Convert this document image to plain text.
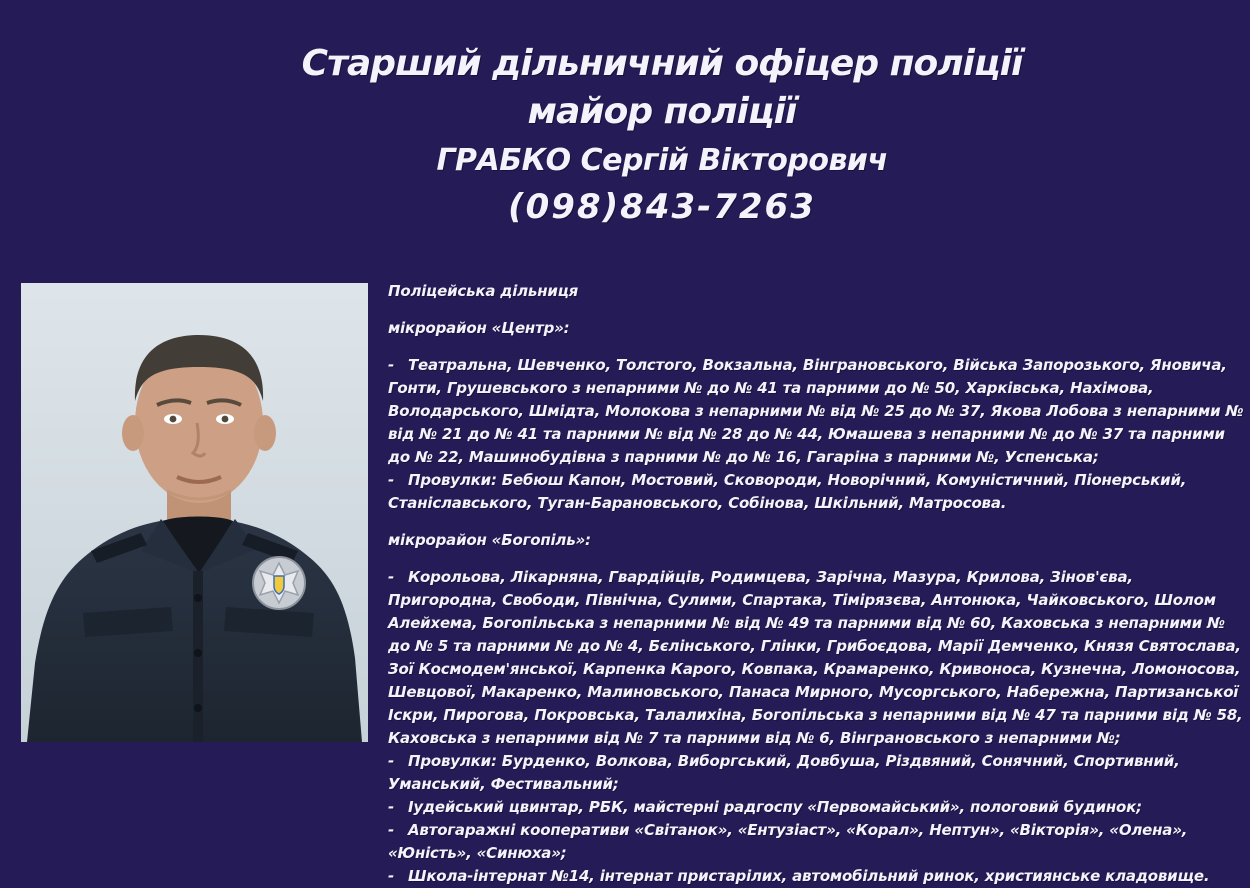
Старший дільничний офіцер поліції
майор поліції
ГРАБКО Сергій Вікторович
(098)843-7263

Поліцейська дільниця

мікрорайон «Центр»:

- Театральна, Шевченко, Толстого, Вокзальна, Вінграновського, Війська Запорозького, Яновича, Гонти, Грушевського з непарними № до № 41 та парними до № 50, Харківська, Нахімова, Володарського, Шмідта, Молокова з непарними № від № 25 до № 37, Якова Лобова з непарними № від № 21 до № 41 та парними № від № 28 до № 44, Юмашева з непарними № до № 37 та парними до № 22, Машинобудівна з парними № до № 16, Гагаріна з парними №, Успенська;

- Провулки: Бебюш Капон, Мостовий, Сковороди, Новорічний, Комуністичний, Піонерський, Станіславського, Туган-Барановського, Собінова, Шкільний, Матросова.

мікрорайон «Богопіль»:

- Корольова, Лікарняна, Гвардійців, Родимцева, Зарічна, Мазура, Крилова, Зінов'єва, Пригородна, Свободи, Північна, Сулими, Спартака, Тімірязєва, Антонюка, Чайковського, Шолом Алейхема, Богопільська з непарними № від № 49 та парними від № 60, Каховська з непарними № до № 5 та парними № до № 4, Бєлінського, Глінки, Грибоєдова, Марії Демченко, Князя Святослава, Зої Космодем'янської, Карпенка Карого, Ковпака, Крамаренко, Кривоноса, Кузнечна, Ломоносова, Шевцової, Макаренко, Малиновського, Панаса Мирного, Мусоргського, Набережна, Партизанської Іскри, Пирогова, Покровська, Талалихіна, Богопільська з непарними від № 47 та парними від № 58, Каховська з непарними від № 7 та парними від № 6, Вінграновського з непарними №;

- Провулки: Бурденко, Волкова, Виборгський, Довбуша, Різдвяний, Сонячний, Спортивний, Уманський, Фестивальний;

- Іудейський цвинтар, РБК, майстерні радгоспу «Первомайський», пологовий будинок;

- Автогаражні кооперативи «Світанок», «Ентузіаст», «Корал», Нептун», «Вікторія», «Олена», «Юність», «Синюха»;

- Школа-інтернат №14, інтернат пристарілих, автомобільний ринок, християнське кладовище.
